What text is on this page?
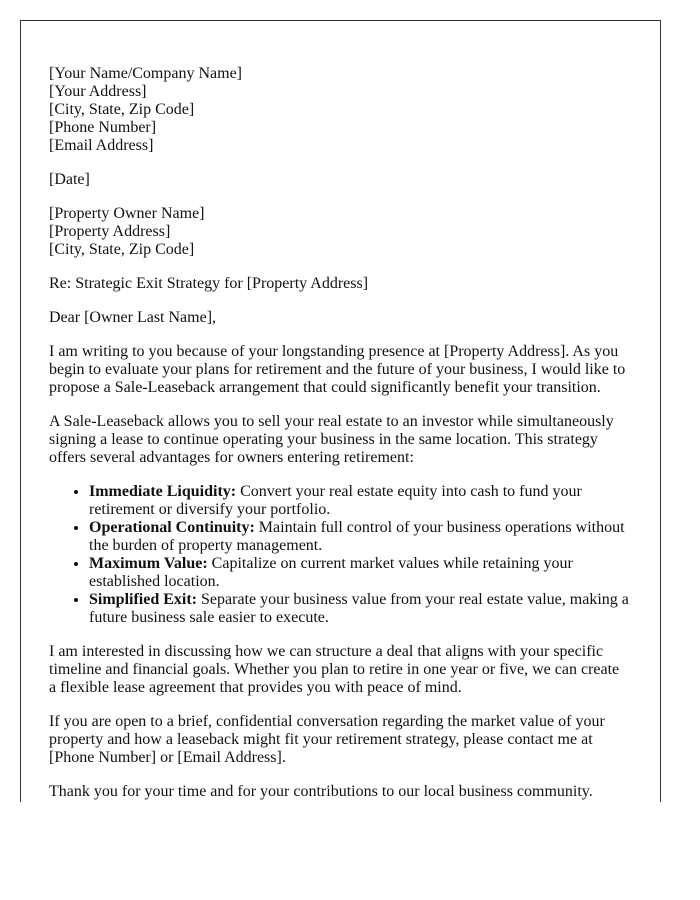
[Your Name/Company Name]
[Your Address]
[City, State, Zip Code]
[Phone Number]
[Email Address]

[Date]

[Property Owner Name]
[Property Address]
[City, State, Zip Code]

Re: Strategic Exit Strategy for [Property Address]

Dear [Owner Last Name],

I am writing to you because of your longstanding presence at [Property Address]. As you begin to evaluate your plans for retirement and the future of your business, I would like to propose a Sale-Leaseback arrangement that could significantly benefit your transition.

A Sale-Leaseback allows you to sell your real estate to an investor while simultaneously signing a lease to continue operating your business in the same location. This strategy offers several advantages for owners entering retirement:

• Immediate Liquidity: Convert your real estate equity into cash to fund your retirement or diversify your portfolio.
• Operational Continuity: Maintain full control of your business operations without the burden of property management.
• Maximum Value: Capitalize on current market values while retaining your established location.
• Simplified Exit: Separate your business value from your real estate value, making a future business sale easier to execute.

I am interested in discussing how we can structure a deal that aligns with your specific timeline and financial goals. Whether you plan to retire in one year or five, we can create a flexible lease agreement that provides you with peace of mind.

If you are open to a brief, confidential conversation regarding the market value of your property and how a leaseback might fit your retirement strategy, please contact me at [Phone Number] or [Email Address].

Thank you for your time and for your contributions to our local business community.
